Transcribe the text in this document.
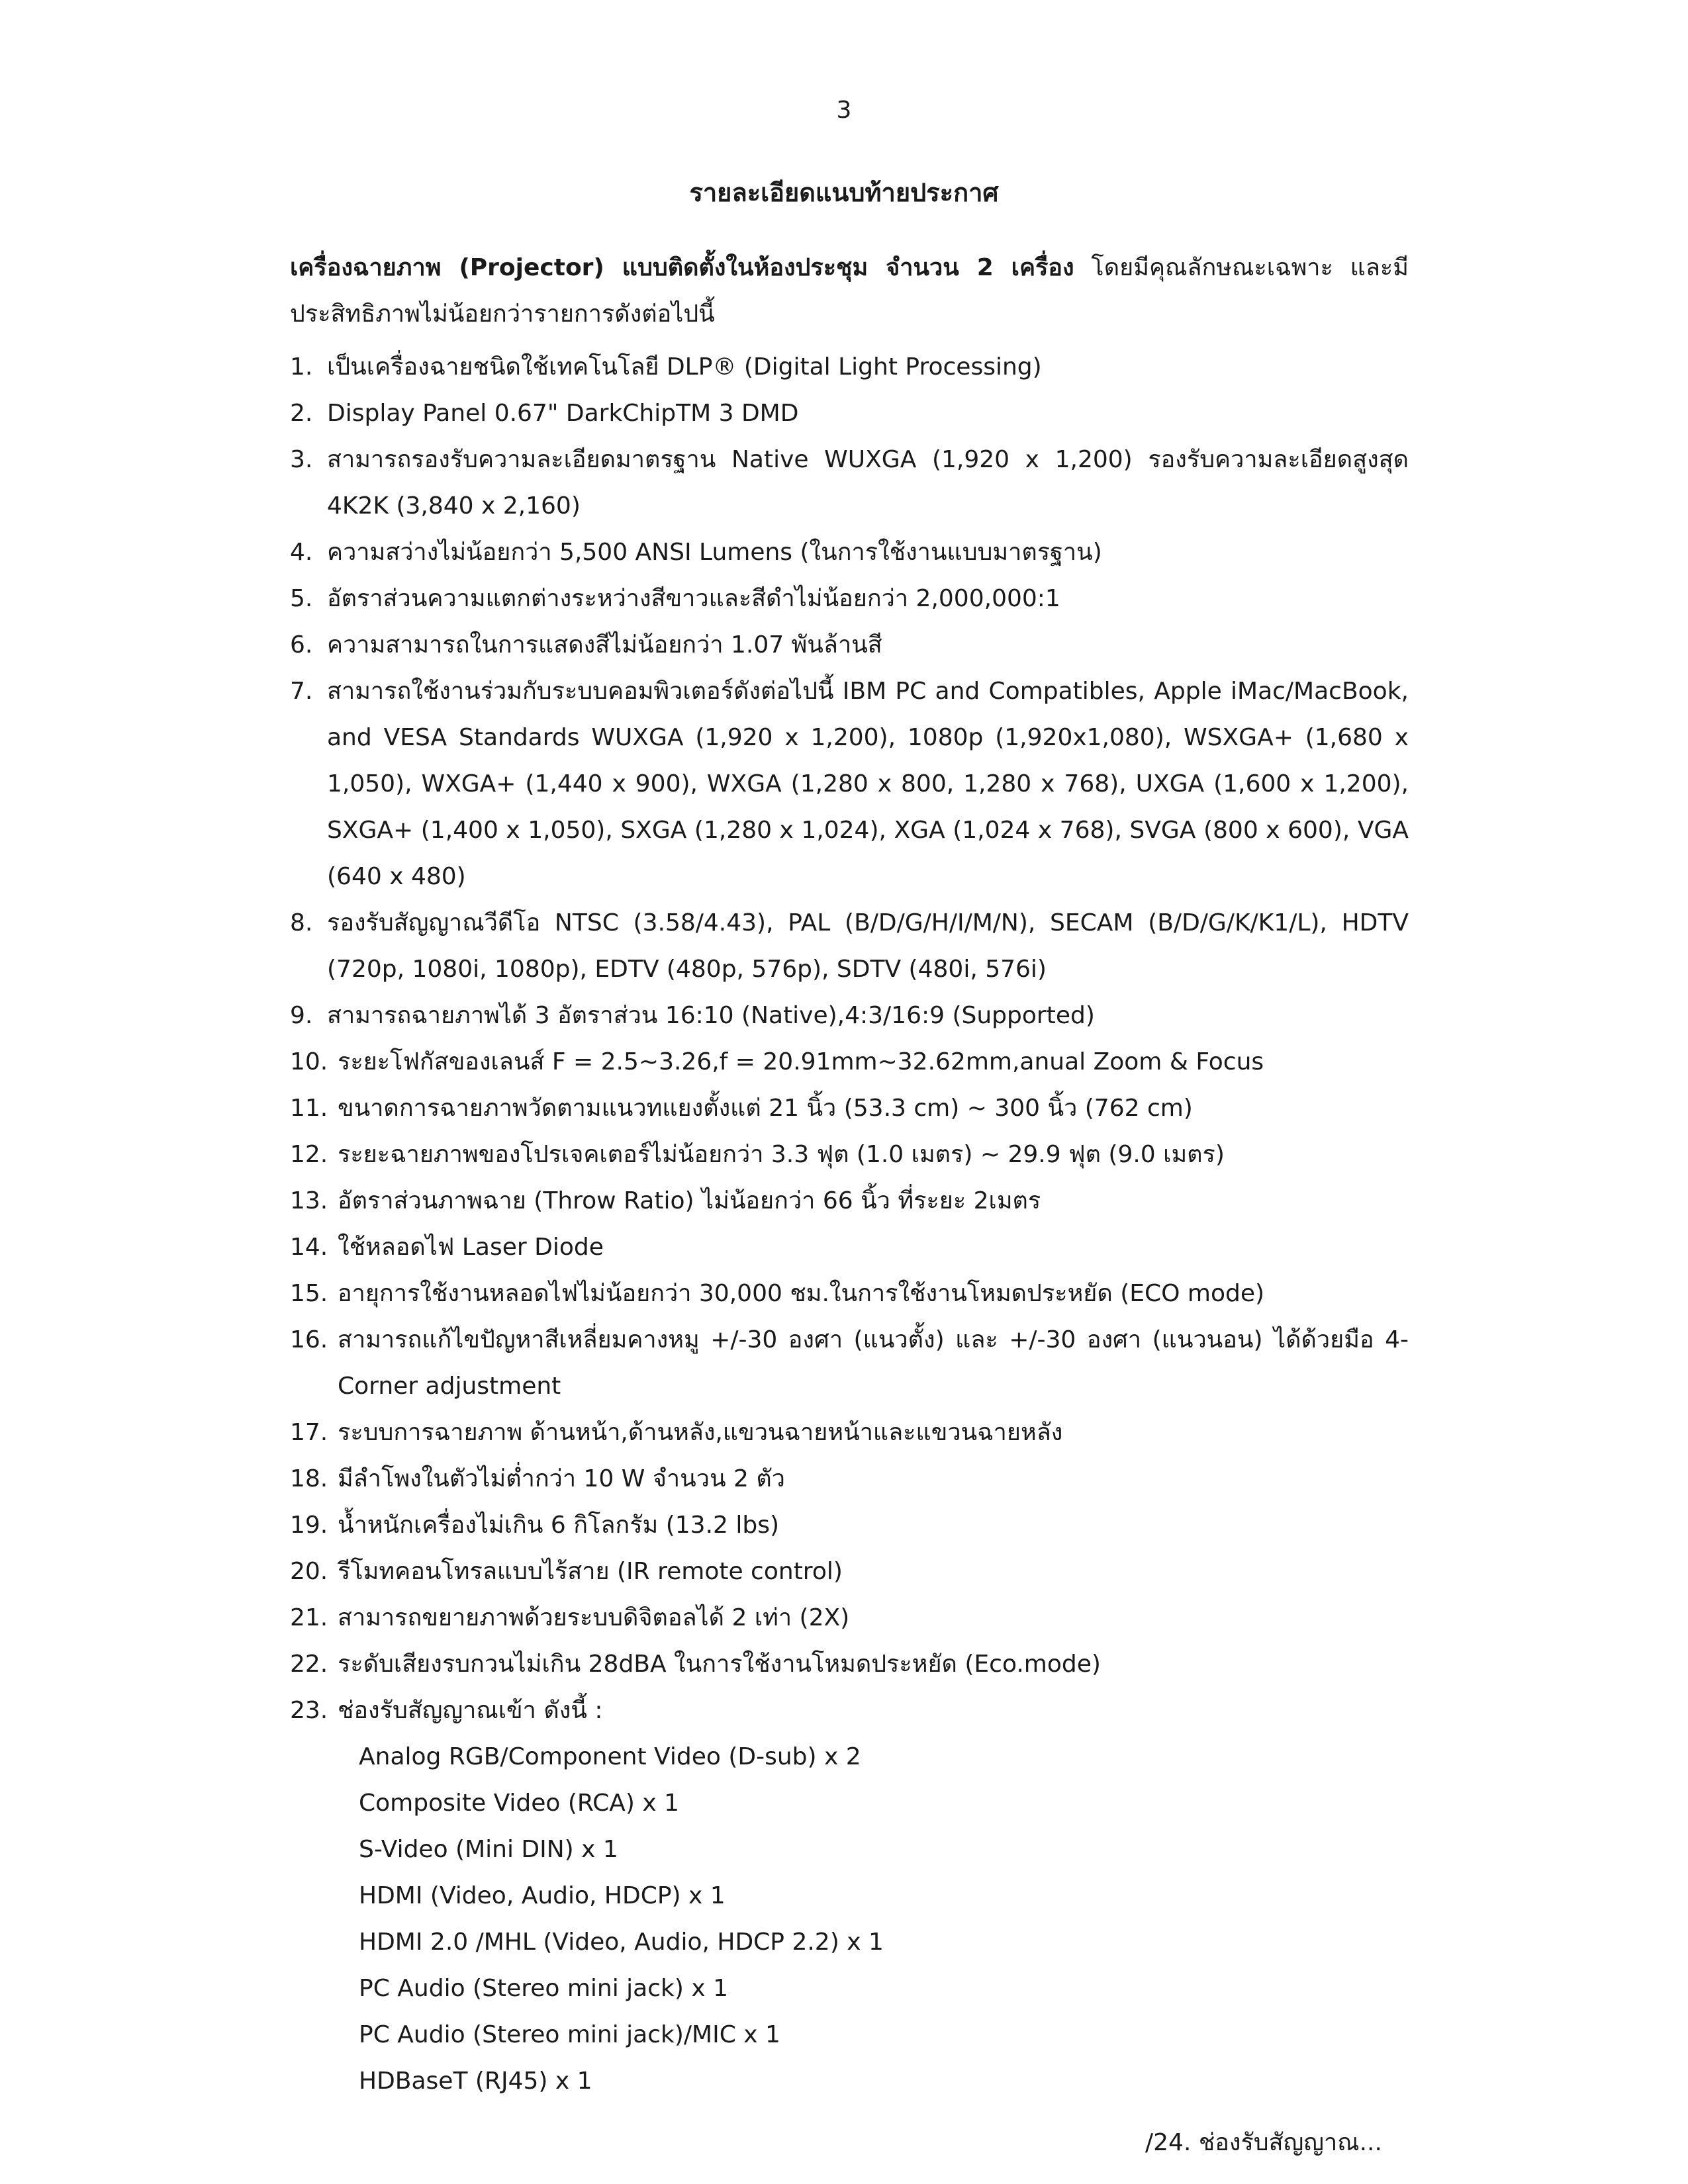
3
รายละเอียดแนบท้ายประกาศ
เครื่องฉายภาพ (Projector) แบบติดตั้งในห้องประชุม จำนวน 2 เครื่อง โดยมีคุณลักษณะเฉพาะ และมีประสิทธิภาพไม่น้อยกว่ารายการดังต่อไปนี้
1. เป็นเครื่องฉายชนิดใช้เทคโนโลยี DLP® (Digital Light Processing)
2. Display Panel 0.67" DarkChipTM 3 DMD
3. สามารถรองรับความละเอียดมาตรฐาน Native WUXGA (1,920 x 1,200) รองรับความละเอียดสูงสุด 4K2K (3,840 x 2,160)
4. ความสว่างไม่น้อยกว่า 5,500 ANSI Lumens (ในการใช้งานแบบมาตรฐาน)
5. อัตราส่วนความแตกต่างระหว่างสีขาวและสีดำไม่น้อยกว่า 2,000,000:1
6. ความสามารถในการแสดงสีไม่น้อยกว่า 1.07 พันล้านสี
7. สามารถใช้งานร่วมกับระบบคอมพิวเตอร์ดังต่อไปนี้ IBM PC and Compatibles, Apple iMac/MacBook, and VESA Standards WUXGA (1,920 x 1,200), 1080p (1,920x1,080), WSXGA+ (1,680 x 1,050), WXGA+ (1,440 x 900), WXGA (1,280 x 800, 1,280 x 768), UXGA (1,600 x 1,200), SXGA+ (1,400 x 1,050), SXGA (1,280 x 1,024), XGA (1,024 x 768), SVGA (800 x 600), VGA (640 x 480)
8. รองรับสัญญาณวีดีโอ NTSC (3.58/4.43), PAL (B/D/G/H/I/M/N), SECAM (B/D/G/K/K1/L), HDTV (720p, 1080i, 1080p), EDTV (480p, 576p), SDTV (480i, 576i)
9. สามารถฉายภาพได้ 3 อัตราส่วน 16:10 (Native),4:3/16:9 (Supported)
10. ระยะโฟกัสของเลนส์ F = 2.5~3.26,f = 20.91mm~32.62mm,anual Zoom & Focus
11. ขนาดการฉายภาพวัดตามแนวทแยงตั้งแต่ 21 นิ้ว (53.3 cm) ~ 300 นิ้ว (762 cm)
12. ระยะฉายภาพของโปรเจคเตอร์ไม่น้อยกว่า 3.3 ฟุต (1.0 เมตร) ~ 29.9 ฟุต (9.0 เมตร)
13. อัตราส่วนภาพฉาย (Throw Ratio) ไม่น้อยกว่า 66 นิ้ว ที่ระยะ 2เมตร
14. ใช้หลอดไฟ Laser Diode
15. อายุการใช้งานหลอดไฟไม่น้อยกว่า 30,000 ชม.ในการใช้งานโหมดประหยัด (ECO mode)
16. สามารถแก้ไขปัญหาสีเหลี่ยมคางหมู +/-30 องศา (แนวตั้ง) และ +/-30 องศา (แนวนอน) ได้ด้วยมือ 4-Corner adjustment
17. ระบบการฉายภาพ ด้านหน้า,ด้านหลัง,แขวนฉายหน้าและแขวนฉายหลัง
18. มีลำโพงในตัวไม่ต่ำกว่า 10 W จำนวน 2 ตัว
19. น้ำหนักเครื่องไม่เกิน 6 กิโลกรัม (13.2 lbs)
20. รีโมทคอนโทรลแบบไร้สาย (IR remote control)
21. สามารถขยายภาพด้วยระบบดิจิตอลได้ 2 เท่า (2X)
22. ระดับเสียงรบกวนไม่เกิน 28dBA ในการใช้งานโหมดประหยัด (Eco.mode)
23. ช่องรับสัญญาณเข้า ดังนี้ :
Analog RGB/Component Video (D-sub) x 2
Composite Video (RCA) x 1
S-Video (Mini DIN) x 1
HDMI (Video, Audio, HDCP) x 1
HDMI 2.0 /MHL (Video, Audio, HDCP 2.2) x 1
PC Audio (Stereo mini jack) x 1
PC Audio (Stereo mini jack)/MIC x 1
HDBaseT (RJ45) x 1
/24. ช่องรับสัญญาณ...
